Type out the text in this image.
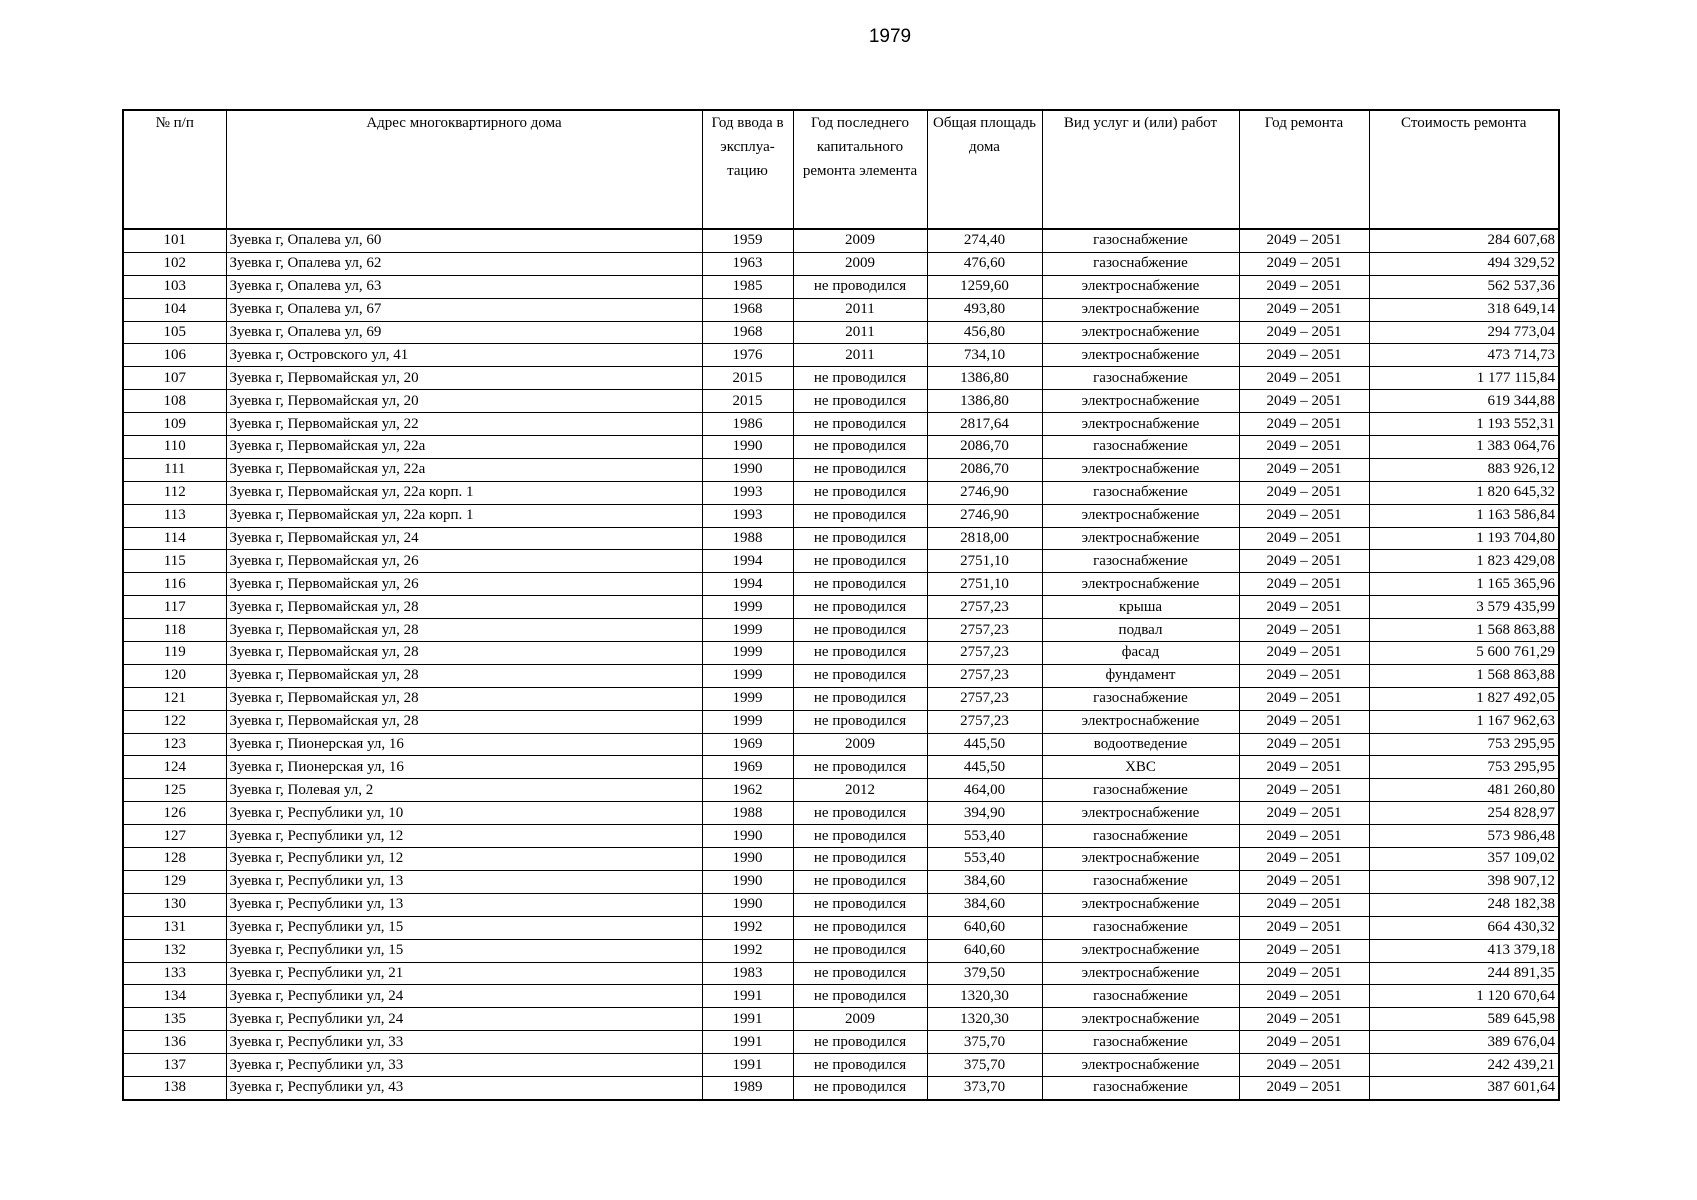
1979
№ п/п	Адрес многоквартирного дома	Год ввода в эксплуа-тацию	Год последнего капитального ремонта элемента	Общая площадь дома	Вид услуг и (или) работ	Год ремонта	Стоимость ремонта
101	Зуевка г, Опалева ул, 60	1959	2009	274,40	газоснабжение	2049 – 2051	284 607,68
102	Зуевка г, Опалева ул, 62	1963	2009	476,60	газоснабжение	2049 – 2051	494 329,52
103	Зуевка г, Опалева ул, 63	1985	не проводился	1259,60	электроснабжение	2049 – 2051	562 537,36
104	Зуевка г, Опалева ул, 67	1968	2011	493,80	электроснабжение	2049 – 2051	318 649,14
105	Зуевка г, Опалева ул, 69	1968	2011	456,80	электроснабжение	2049 – 2051	294 773,04
106	Зуевка г, Островского ул, 41	1976	2011	734,10	электроснабжение	2049 – 2051	473 714,73
107	Зуевка г, Первомайская ул, 20	2015	не проводился	1386,80	газоснабжение	2049 – 2051	1 177 115,84
108	Зуевка г, Первомайская ул, 20	2015	не проводился	1386,80	электроснабжение	2049 – 2051	619 344,88
109	Зуевка г, Первомайская ул, 22	1986	не проводился	2817,64	электроснабжение	2049 – 2051	1 193 552,31
110	Зуевка г, Первомайская ул, 22а	1990	не проводился	2086,70	газоснабжение	2049 – 2051	1 383 064,76
111	Зуевка г, Первомайская ул, 22а	1990	не проводился	2086,70	электроснабжение	2049 – 2051	883 926,12
112	Зуевка г, Первомайская ул, 22а корп. 1	1993	не проводился	2746,90	газоснабжение	2049 – 2051	1 820 645,32
113	Зуевка г, Первомайская ул, 22а корп. 1	1993	не проводился	2746,90	электроснабжение	2049 – 2051	1 163 586,84
114	Зуевка г, Первомайская ул, 24	1988	не проводился	2818,00	электроснабжение	2049 – 2051	1 193 704,80
115	Зуевка г, Первомайская ул, 26	1994	не проводился	2751,10	газоснабжение	2049 – 2051	1 823 429,08
116	Зуевка г, Первомайская ул, 26	1994	не проводился	2751,10	электроснабжение	2049 – 2051	1 165 365,96
117	Зуевка г, Первомайская ул, 28	1999	не проводился	2757,23	крыша	2049 – 2051	3 579 435,99
118	Зуевка г, Первомайская ул, 28	1999	не проводился	2757,23	подвал	2049 – 2051	1 568 863,88
119	Зуевка г, Первомайская ул, 28	1999	не проводился	2757,23	фасад	2049 – 2051	5 600 761,29
120	Зуевка г, Первомайская ул, 28	1999	не проводился	2757,23	фундамент	2049 – 2051	1 568 863,88
121	Зуевка г, Первомайская ул, 28	1999	не проводился	2757,23	газоснабжение	2049 – 2051	1 827 492,05
122	Зуевка г, Первомайская ул, 28	1999	не проводился	2757,23	электроснабжение	2049 – 2051	1 167 962,63
123	Зуевка г, Пионерская ул, 16	1969	2009	445,50	водоотведение	2049 – 2051	753 295,95
124	Зуевка г, Пионерская ул, 16	1969	не проводился	445,50	ХВС	2049 – 2051	753 295,95
125	Зуевка г, Полевая ул, 2	1962	2012	464,00	газоснабжение	2049 – 2051	481 260,80
126	Зуевка г, Республики ул, 10	1988	не проводился	394,90	электроснабжение	2049 – 2051	254 828,97
127	Зуевка г, Республики ул, 12	1990	не проводился	553,40	газоснабжение	2049 – 2051	573 986,48
128	Зуевка г, Республики ул, 12	1990	не проводился	553,40	электроснабжение	2049 – 2051	357 109,02
129	Зуевка г, Республики ул, 13	1990	не проводился	384,60	газоснабжение	2049 – 2051	398 907,12
130	Зуевка г, Республики ул, 13	1990	не проводился	384,60	электроснабжение	2049 – 2051	248 182,38
131	Зуевка г, Республики ул, 15	1992	не проводился	640,60	газоснабжение	2049 – 2051	664 430,32
132	Зуевка г, Республики ул, 15	1992	не проводился	640,60	электроснабжение	2049 – 2051	413 379,18
133	Зуевка г, Республики ул, 21	1983	не проводился	379,50	электроснабжение	2049 – 2051	244 891,35
134	Зуевка г, Республики ул, 24	1991	не проводился	1320,30	газоснабжение	2049 – 2051	1 120 670,64
135	Зуевка г, Республики ул, 24	1991	2009	1320,30	электроснабжение	2049 – 2051	589 645,98
136	Зуевка г, Республики ул, 33	1991	не проводился	375,70	газоснабжение	2049 – 2051	389 676,04
137	Зуевка г, Республики ул, 33	1991	не проводился	375,70	электроснабжение	2049 – 2051	242 439,21
138	Зуевка г, Республики ул, 43	1989	не проводился	373,70	газоснабжение	2049 – 2051	387 601,64
